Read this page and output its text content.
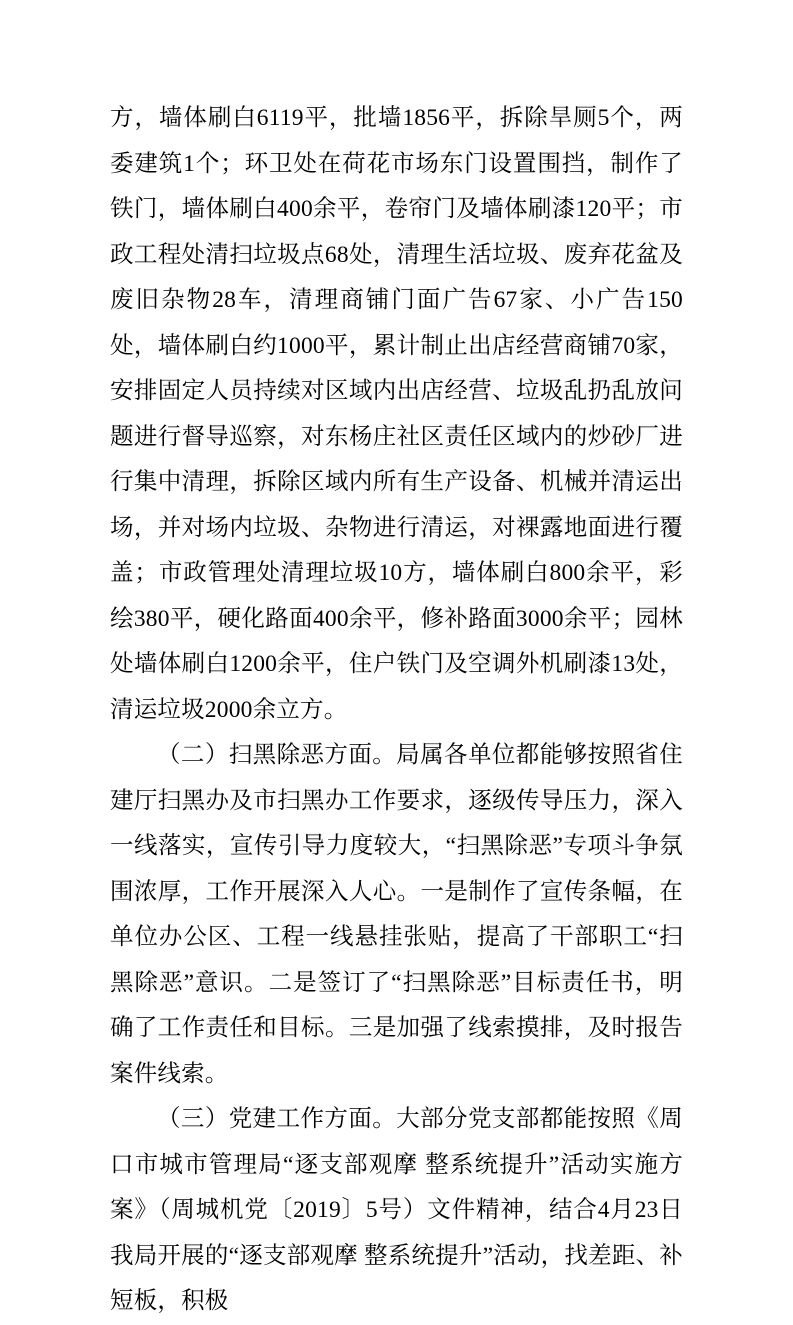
方，墙体刷白6119平，批墙1856平，拆除旱厕5个，两委建筑1个；环卫处在荷花市场东门设置围挡，制作了铁门，墙体刷白400余平，卷帘门及墙体刷漆120平；市政工程处清扫垃圾点68处，清理生活垃圾、废弃花盆及废旧杂物28车，清理商铺门面广告67家、小广告150处，墙体刷白约1000平，累计制止出店经营商铺70家，安排固定人员持续对区域内出店经营、垃圾乱扔乱放问题进行督导巡察，对东杨庄社区责任区域内的炒砂厂进行集中清理，拆除区域内所有生产设备、机械并清运出场，并对场内垃圾、杂物进行清运，对裸露地面进行覆盖；市政管理处清理垃圾10方，墙体刷白800余平，彩绘380平，硬化路面400余平，修补路面3000余平；园林处墙体刷白1200余平，住户铁门及空调外机刷漆13处，清运垃圾2000余立方。

（二）扫黑除恶方面。局属各单位都能够按照省住建厅扫黑办及市扫黑办工作要求，逐级传导压力，深入一线落实，宣传引导力度较大，“扫黑除恶”专项斗争氛围浓厚，工作开展深入人心。一是制作了宣传条幅，在单位办公区、工程一线悬挂张贴，提高了干部职工“扫黑除恶”意识。二是签订了“扫黑除恶”目标责任书，明确了工作责任和目标。三是加强了线索摸排，及时报告案件线索。

（三）党建工作方面。大部分党支部都能按照《周口市城市管理局“逐支部观摩 整系统提升”活动实施方案》（周城机党〔2019〕5号）文件精神，结合4月23日我局开展的“逐支部观摩 整系统提升”活动，找差距、补短板，积极
